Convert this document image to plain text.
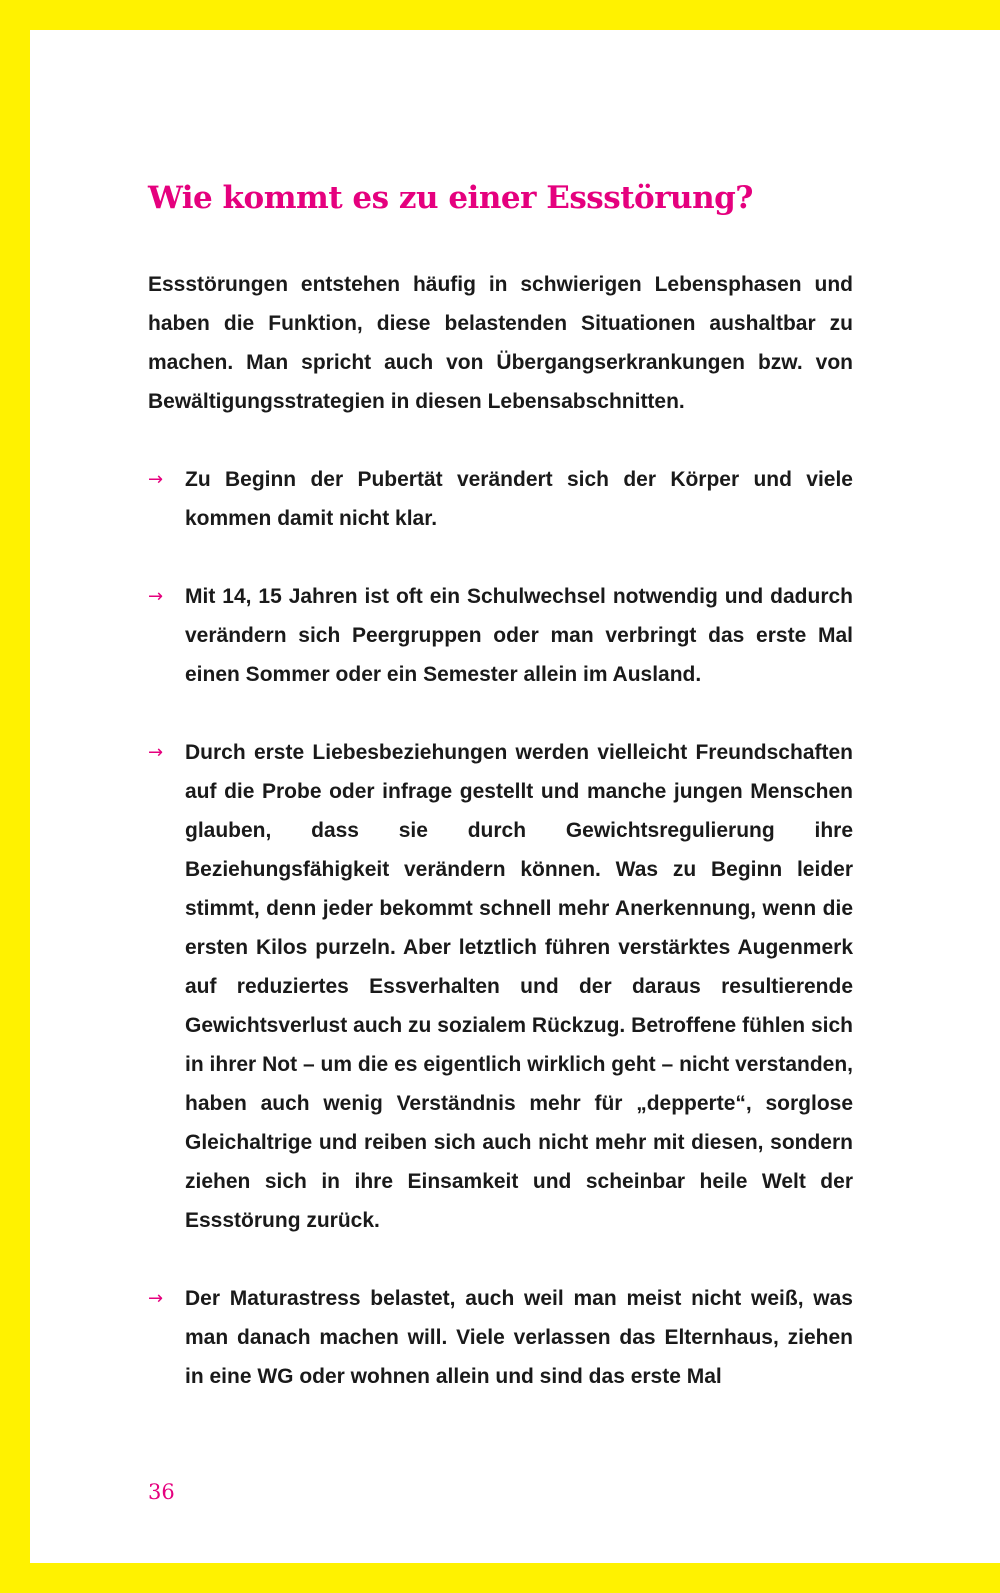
Wie kommt es zu einer Essstörung?

Essstörungen entstehen häufig in schwierigen Lebensphasen und haben die Funktion, diese belastenden Situationen aushaltbar zu machen. Man spricht auch von Übergangserkrankungen bzw. von Bewältigungsstrategien in diesen Lebensabschnitten.

→ Zu Beginn der Pubertät verändert sich der Körper und viele kommen damit nicht klar.
→ Mit 14, 15 Jahren ist oft ein Schulwechsel notwendig und dadurch verändern sich Peergruppen oder man verbringt das erste Mal einen Sommer oder ein Semester allein im Ausland.
→ Durch erste Liebesbeziehungen werden vielleicht Freundschaften auf die Probe oder infrage gestellt und manche jungen Menschen glauben, dass sie durch Gewichtsregulierung ihre Beziehungsfähigkeit verändern können. Was zu Beginn leider stimmt, denn jeder bekommt schnell mehr Anerkennung, wenn die ersten Kilos purzeln. Aber letztlich führen verstärktes Augenmerk auf reduziertes Essverhalten und der daraus resultierende Gewichtsverlust auch zu sozialem Rückzug. Betroffene fühlen sich in ihrer Not – um die es eigentlich wirklich geht – nicht verstanden, haben auch wenig Verständnis mehr für „depperte“, sorglose Gleichaltrige und reiben sich auch nicht mehr mit diesen, sondern ziehen sich in ihre Einsamkeit und scheinbar heile Welt der Essstörung zurück.
→ Der Maturastress belastet, auch weil man meist nicht weiß, was man danach machen will. Viele verlassen das Elternhaus, ziehen in eine WG oder wohnen allein und sind das erste Mal
36
